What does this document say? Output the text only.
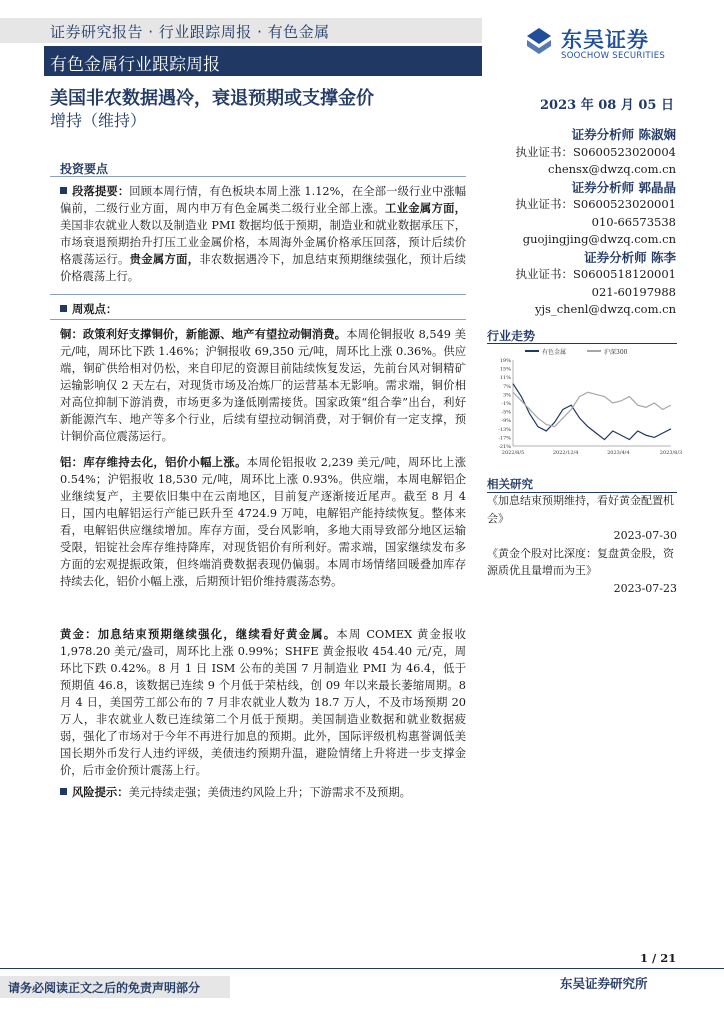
证券研究报告 · 行业跟踪周报 · 有色金属
有色金属行业跟踪周报
东吴证券
SOOCHOW SECURITIES
美国非农数据遇冷，衰退预期或支撑金价
增持（维持）
2023 年 08 月 05 日
证券分析师 陈淑娴
执业证书：S0600523020004
chensx@dwzq.com.cn
证券分析师 郭晶晶
执业证书：S0600523020001
010-66573538
guojingjing@dwzq.com.cn
证券分析师 陈李
执业证书：S0600518120001
021-60197988
yjs_chenl@dwzq.com.cn
投资要点
段落提要：回顾本周行情，有色板块本周上涨 1.12%，在全部一级行业中涨幅偏前，二级行业方面，周内申万有色金属类二级行业全部上涨。工业金属方面，美国非农就业人数以及制造业 PMI 数据均低于预期，制造业和就业数据承压下，市场衰退预期抬升打压工业金属价格，本周海外金属价格承压回落，预计后续价格震荡运行。贵金属方面，非农数据遇冷下，加息结束预期继续强化，预计后续价格震荡上行。
周观点：
铜：政策利好支撑铜价，新能源、地产有望拉动铜消费。本周伦铜报收 8,549 美元/吨，周环比下跌 1.46%；沪铜报收 69,350 元/吨，周环比上涨 0.36%。供应端，铜矿供给相对仍松，来自印尼的资源目前陆续恢复发运，先前台风对铜精矿运输影响仅 2 天左右，对现货市场及冶炼厂的运营基本无影响。需求端，铜价相对高位抑制下游消费，市场更多为逢低刚需接货。国家政策“组合拳”出台，利好新能源汽车、地产等多个行业，后续有望拉动铜消费，对于铜价有一定支撑，预计铜价高位震荡运行。
铝：库存维持去化，铝价小幅上涨。本周伦铝报收 2,239 美元/吨，周环比上涨 0.54%；沪铝报收 18,530 元/吨，周环比上涨 0.93%。供应端，本周电解铝企业继续复产，主要依旧集中在云南地区，目前复产逐渐接近尾声。截至 8 月 4 日，国内电解铝运行产能已跃升至 4724.9 万吨，电解铝产能持续恢复。整体来看，电解铝供应继续增加。库存方面，受台风影响，多地大雨导致部分地区运输受限，铝锭社会库存维持降库，对现货铝价有所利好。需求端，国家继续发布多方面的宏观提振政策，但终端消费数据表现仍偏弱。本周市场情绪回暖叠加库存持续去化，铝价小幅上涨，后期预计铝价维持震荡态势。
黄金：加息结束预期继续强化，继续看好黄金属。本周 COMEX 黄金报收 1,978.20 美元/盎司，周环比上涨 0.99%；SHFE 黄金报收 454.40 元/克，周环比下跌 0.42%。8 月 1 日 ISM 公布的美国 7 月制造业 PMI 为 46.4，低于预期值 46.8，该数据已连续 9 个月低于荣枯线，创 09 年以来最长萎缩周期。8 月 4 日，美国劳工部公布的 7 月非农就业人数为 18.7 万人，不及市场预期 20 万人，非农就业人数已连续第二个月低于预期。美国制造业数据和就业数据疲弱，强化了市场对于今年不再进行加息的预期。此外，国际评级机构惠誉调低美国长期外币发行人违约评级，美债违约预期升温，避险情绪上升将进一步支撑金价，后市金价预计震荡上行。
风险提示：美元持续走强；美债违约风险上升；下游需求不及预期。
行业走势
有色金属	沪深300
19%
15%
11%
7%
3%
-1%
-5%
-9%
-13%
-17%
-21%
2022/8/5	2022/12/4	2023/4/4	2023/8/3
相关研究
《加息结束预期维持，看好黄金配置机会》
2023-07-30
《黄金个股对比深度：复盘黄金股，资源质优且量增而为王》
2023-07-23
1 / 21
请务必阅读正文之后的免责声明部分	东吴证券研究所
